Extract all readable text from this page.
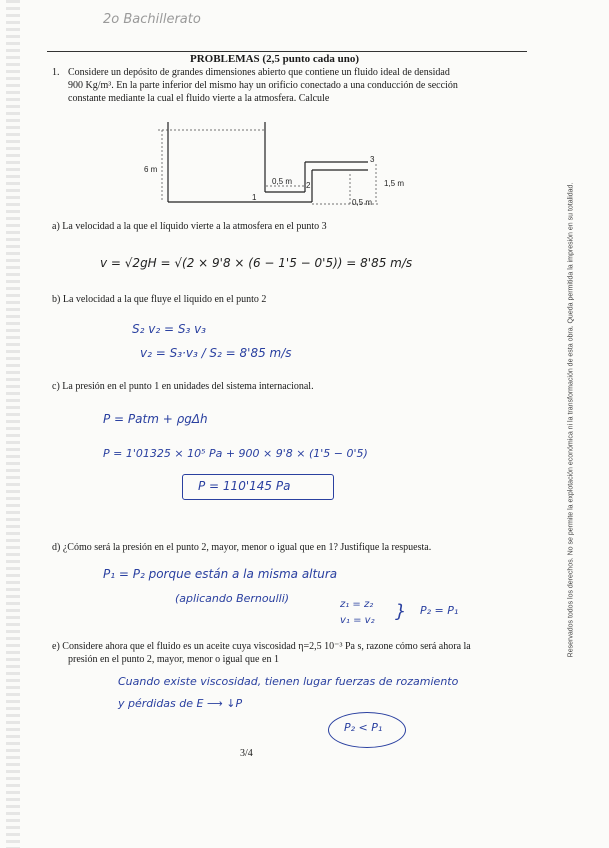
2o Bachillerato
PROBLEMAS (2,5 punto cada uno)
1. Considere un depósito de grandes dimensiones abierto que contiene un fluido ideal de densidad
900 Kg/m³. En la parte inferior del mismo hay un orificio conectado a una conducción de sección
constante mediante la cual el fluido vierte a la atmosfera. Calcule
6 m
0,5 m	1,5 m
0,5 m
1
2
3
a) La velocidad a la que el líquido vierte a la atmosfera en el punto 3
v = √2gH = √(2 × 9'8 × (6 − 1'5 − 0'5)) = 8'85 m/s
b) La velocidad a la que fluye el liquido en el punto 2
S₂ v₂ = S₃ v₃
v₂ = S₃·v₃ / S₂ = 8'85 m/s
c) La presión en el punto 1 en unidades del sistema internacional.
P = Patm + ρgΔh
P = 1'01325 × 10⁵ Pa + 900 × 9'8 × (1'5 − 0'5)
P = 110'145 Pa
d) ¿Cómo será la presión en el punto 2, mayor, menor o igual que en 1? Justifique la respuesta.
P₁ = P₂ porque están a la misma altura
(aplicando Bernoulli)	z₁ = z₂
v₁ = v₂ } P₂ = P₁
e) Considere ahora que el fluido es un aceite cuya viscosidad η=2,5 10⁻³ Pa s, razone cómo será ahora la
presión en el punto 2, mayor, menor o igual que en 1
Cuando existe viscosidad, tienen lugar fuerzas de rozamiento
y pérdidas de E ⟶ ↓P
P₂ < P₁
3/4
Reservados todos los derechos. No se permite la explotación económica ni la transformación de esta obra. Queda permitida la impresión en su totalidad.
